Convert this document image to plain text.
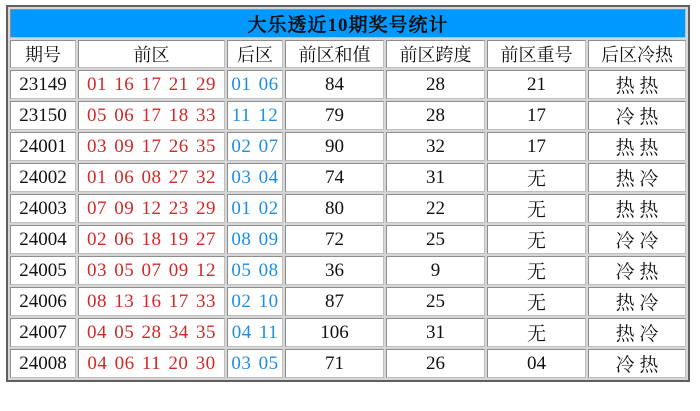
大乐透近10期奖号统计						
期号	前区	后区	前区和值	前区跨度	前区重号	后区冷热
23149	01 16 17 21 29	01 06	84	28	21	热 热
23150	05 06 17 18 33	11 12	79	28	17	冷 热
24001	03 09 17 26 35	02 07	90	32	17	热 热
24002	01 06 08 27 32	03 04	74	31	无	热 冷
24003	07 09 12 23 29	01 02	80	22	无	热 热
24004	02 06 18 19 27	08 09	72	25	无	冷 冷
24005	03 05 07 09 12	05 08	36	9	无	冷 热
24006	08 13 16 17 33	02 10	87	25	无	热 冷
24007	04 05 28 34 35	04 11	106	31	无	热 冷
24008	04 06 11 20 30	03 05	71	26	04	冷 热
